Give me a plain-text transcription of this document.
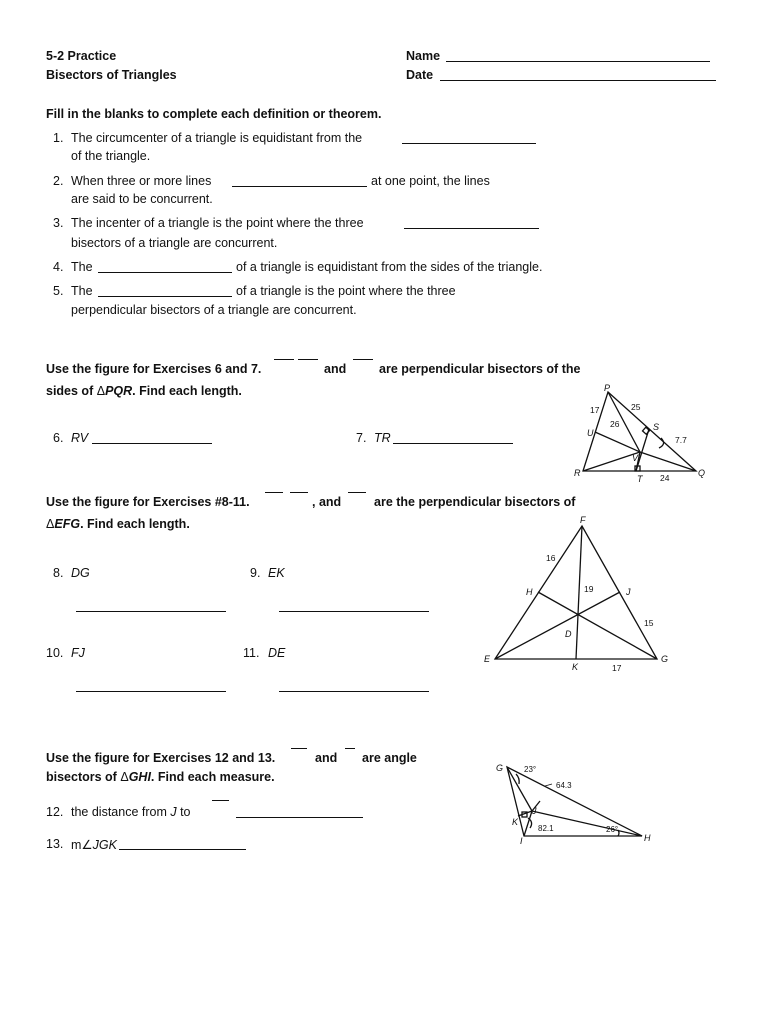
5-2 Practice
Bisectors of Triangles
Name
Date
Fill in the blanks to complete each definition or theorem.
1. The circumcenter of a triangle is equidistant from the
of the triangle.
2. When three or more lines	at one point, the lines
are said to be concurrent.
3. The incenter of a triangle is the point where the three
bisectors of a triangle are concurrent.
4. The	of a triangle is equidistant from the sides of the triangle.
5. The	of a triangle is the point where the three
perpendicular bisectors of a triangle are concurrent.
Use the figure for Exercises 6 and 7.	and	are perpendicular bisectors of the
sides of ΔPQR. Find each length.
6. RV	7. TR
P
Q
R
S
T
U
V
17	25
26
7.7
24
Use the figure for Exercises #8-11.	, and	are the perpendicular bisectors of
ΔEFG. Find each length.
8. DG	9. EK
10. FJ	11. DE
F
E	G
H	J
K
D
16
19
15
17
Use the figure for Exercises 12 and 13.	and are angle
bisectors of ΔGHI. Find each measure.
12. the distance from J to
13. m∠JGK
G
H
I
J
K
23°
64.3
82.1	26°
